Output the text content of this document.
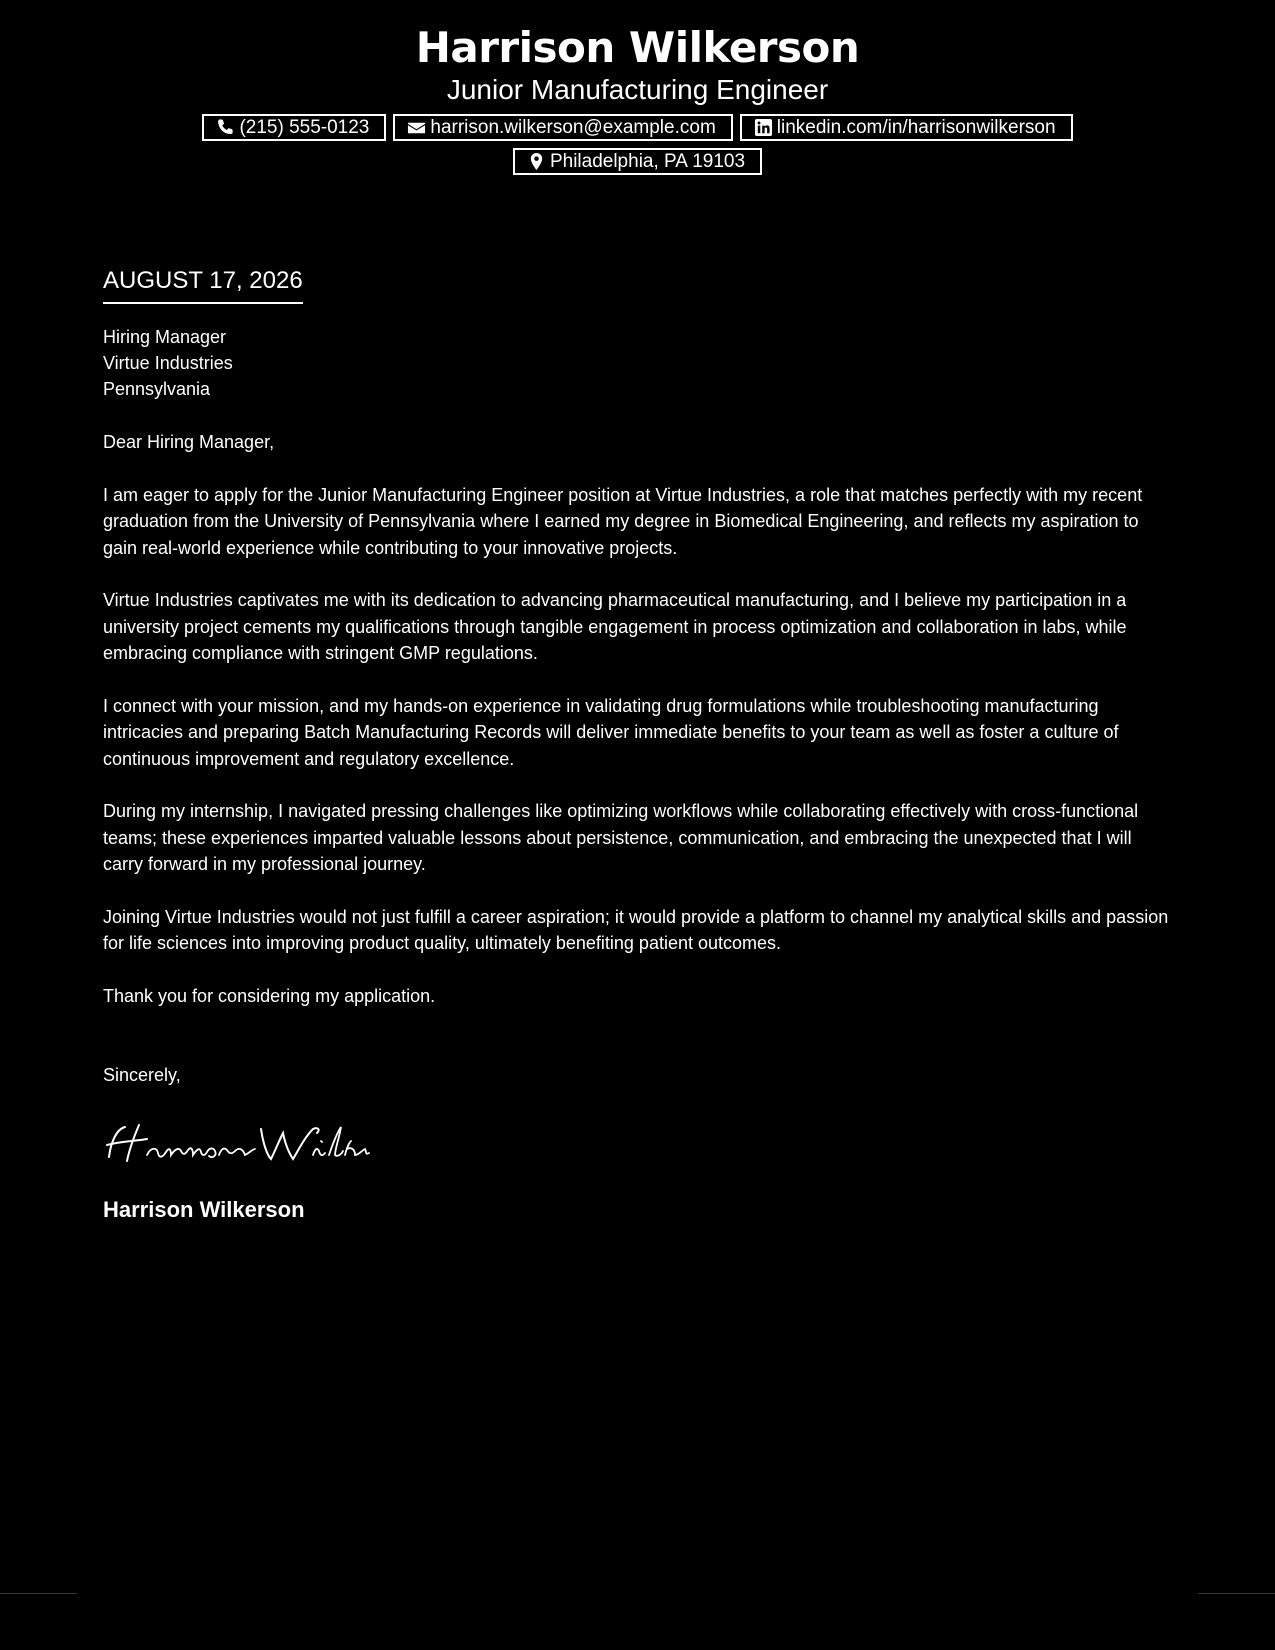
Harrison Wilkerson
Junior Manufacturing Engineer
(215) 555-0123	harrison.wilkerson@example.com	linkedin.com/in/harrisonwilkerson
Philadelphia, PA 19103
AUGUST 17, 2026
Hiring Manager
Virtue Industries
Pennsylvania
Dear Hiring Manager,
I am eager to apply for the Junior Manufacturing Engineer position at Virtue Industries, a role that matches perfectly with my recent graduation from the University of Pennsylvania where I earned my degree in Biomedical Engineering, and reflects my aspiration to gain real-world experience while contributing to your innovative projects.
Virtue Industries captivates me with its dedication to advancing pharmaceutical manufacturing, and I believe my participation in a university project cements my qualifications through tangible engagement in process optimization and collaboration in labs, while embracing compliance with stringent GMP regulations.
I connect with your mission, and my hands-on experience in validating drug formulations while troubleshooting manufacturing intricacies and preparing Batch Manufacturing Records will deliver immediate benefits to your team as well as foster a culture of continuous improvement and regulatory excellence.
During my internship, I navigated pressing challenges like optimizing workflows while collaborating effectively with cross-functional teams; these experiences imparted valuable lessons about persistence, communication, and embracing the unexpected that I will carry forward in my professional journey.
Joining Virtue Industries would not just fulfill a career aspiration; it would provide a platform to channel my analytical skills and passion for life sciences into improving product quality, ultimately benefiting patient outcomes.
Thank you for considering my application.
Sincerely,
Harrison Wilkerson
